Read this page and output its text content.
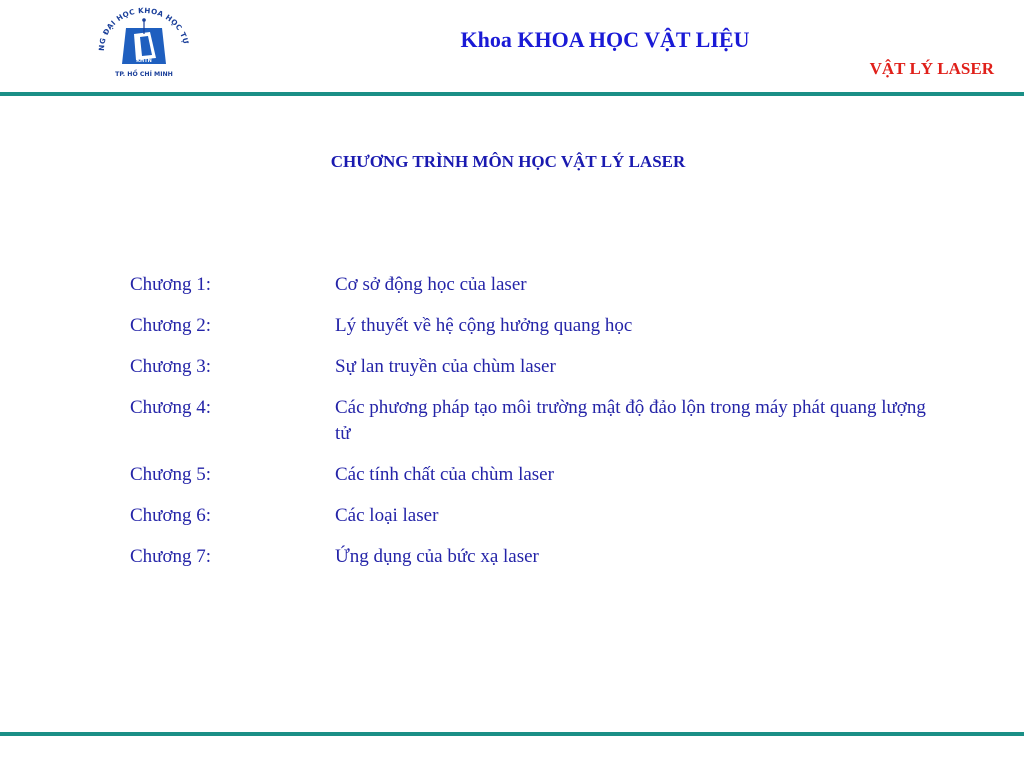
NG ĐẠI HỌC KHOA HỌC TỰ
KHTN
TP. HỒ CHÍ MINH
Khoa KHOA HỌC VẬT LIỆU
VẬT LÝ LASER
CHƯƠNG TRÌNH MÔN HỌC VẬT LÝ LASER
Chương 1:	Cơ sở động học của laser
Chương 2:	Lý thuyết về hệ cộng hưởng quang học
Chương 3:	Sự lan truyền của chùm laser
Chương 4:	Các phương pháp tạo môi trường mật độ đảo lộn trong máy phát quang lượng tử
Chương 5:	Các tính chất của chùm laser
Chương 6:	Các loại laser
Chương 7:	Ứng dụng của bức xạ laser
